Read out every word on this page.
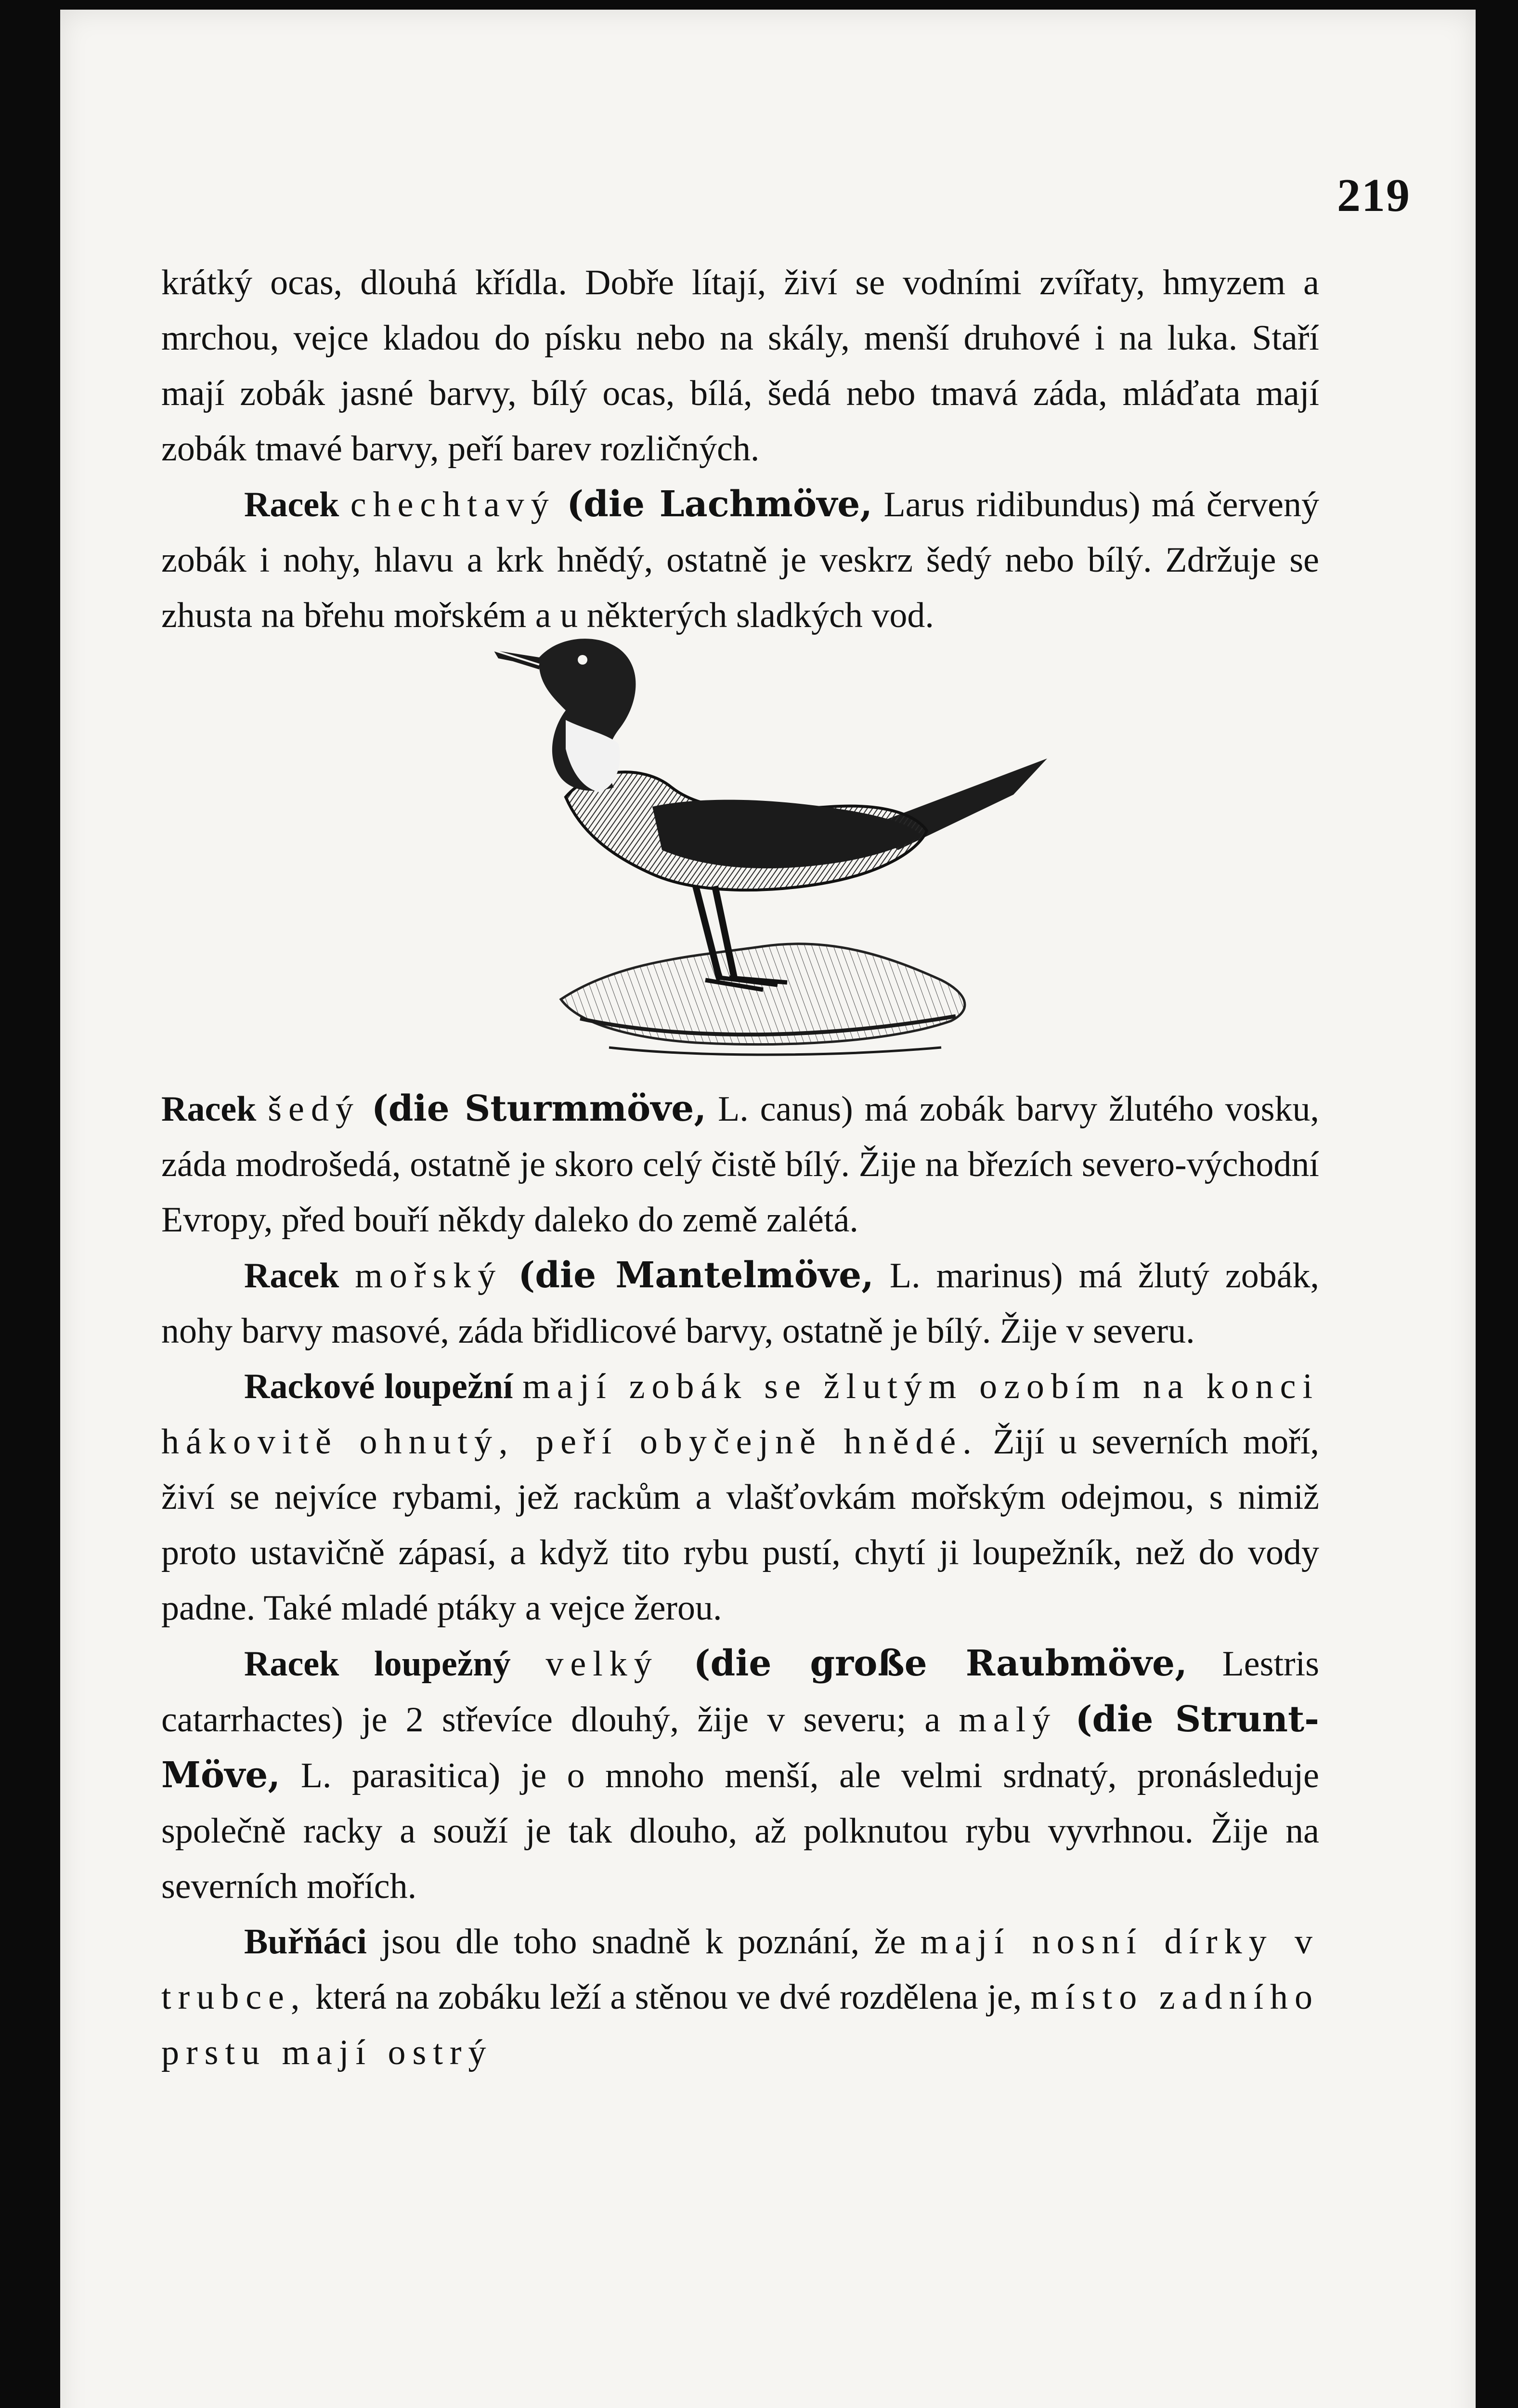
219

krátký ocas, dlouhá křídla. Dobře lítají, živí se vodními zvířaty, hmyzem a mrchou, vejce kladou do písku nebo na skály, menší druhové i na luka. Staří mají zobák jasné barvy, bílý ocas, bílá, šedá nebo tmavá záda, mláďata mají zobák tmavé barvy, peří barev rozličných.

Racek chechtavý (die Lachmöve, Larus ridibundus) má červený zobák i nohy, hlavu a krk hnědý, ostatně je veskrz šedý nebo bílý. Zdržuje se zhusta na břehu mořském a u některých sladkých vod.

Racek šedý (die Sturmmöve, L. canus) má zobák barvy žlutého vosku, záda modrošedá, ostatně je skoro celý čistě bílý. Žije na březích severo-východní Evropy, před bouří někdy daleko do země zalétá.

Racek mořský (die Mantelmöve, L. marinus) má žlutý zobák, nohy barvy masové, záda břidlicové barvy, ostatně je bílý. Žije v severu.

Rackové loupežní mají zobák se žlutým ozobím na konci hákovitě ohnutý, peří obyčejně hnědé. Žijí u severních moří, živí se nejvíce rybami, jež rackům a vlašťovkám mořským odejmou, s nimiž proto ustavičně zápasí, a když tito rybu pustí, chytí ji loupežník, než do vody padne. Také mladé ptáky a vejce žerou.

Racek loupežný velký (die große Raubmöve, Lestris catarrhactes) je 2 střevíce dlouhý, žije v severu; a malý (die Strunt-Möve, L. parasitica) je o mnoho menší, ale velmi srdnatý, pronásleduje společně racky a souží je tak dlouho, až polknutou rybu vyvrhnou. Žije na severních mořích.

Buřňáci jsou dle toho snadně k poznání, že mají nosní dírky v trubce, která na zobáku leží a stěnou ve dvé rozdělena je, místo zadního prstu mají ostrý
